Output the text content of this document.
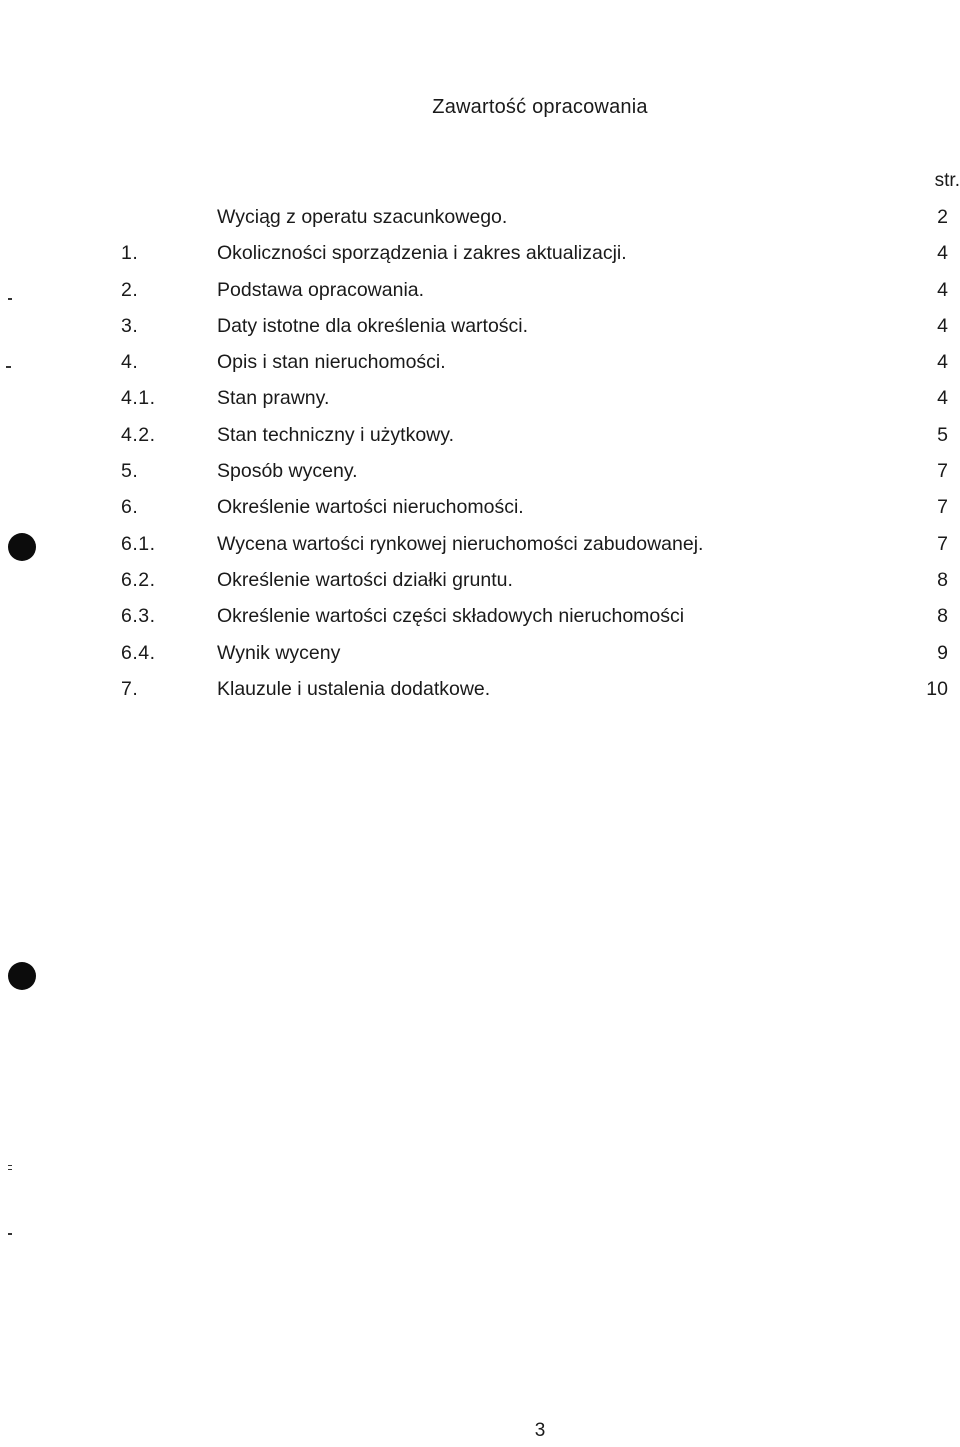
Zawartość opracowania
str.
Wyciąg z operatu szacunkowego.	2
1.	Okoliczności sporządzenia i zakres aktualizacji.	4
2.	Podstawa opracowania.	4
3.	Daty istotne dla określenia wartości.	4
4.	Opis i stan nieruchomości.	4
4.1.	Stan prawny.	4
4.2.	Stan techniczny i użytkowy.	5
5.	Sposób wyceny.	7
6.	Określenie wartości nieruchomości.	7
6.1.	Wycena wartości rynkowej nieruchomości zabudowanej.	7
6.2.	Określenie wartości działki gruntu.	8
6.3.	Określenie wartości części składowych nieruchomości	8
6.4.	Wynik wyceny	9
7.	Klauzule i ustalenia dodatkowe.	10
3
